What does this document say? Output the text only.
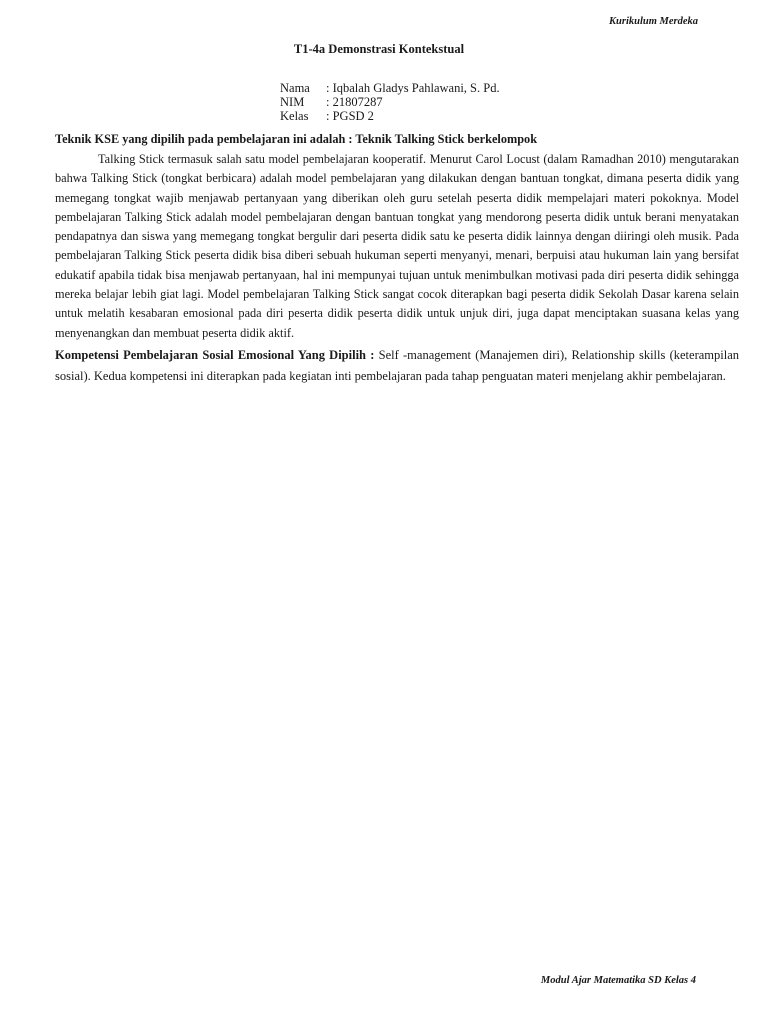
Kurikulum Merdeka
T1-4a Demonstrasi Kontekstual
Nama	: Iqbalah Gladys Pahlawani, S. Pd.
NIM	: 21807287
Kelas	: PGSD 2

Teknik KSE yang dipilih pada pembelajaran ini adalah : Teknik Talking Stick berkelompok

Talking Stick termasuk salah satu model pembelajaran kooperatif. Menurut Carol Locust (dalam Ramadhan 2010) mengutarakan bahwa Talking Stick (tongkat berbicara) adalah model pembelajaran yang dilakukan dengan bantuan tongkat, dimana peserta didik yang memegang tongkat wajib menjawab pertanyaan yang diberikan oleh guru setelah peserta didik mempelajari materi pokoknya. Model pembelajaran Talking Stick adalah model pembelajaran dengan bantuan tongkat yang mendorong peserta didik untuk berani menyatakan pendapatnya dan siswa yang memegang tongkat bergulir dari peserta didik satu ke peserta didik lainnya dengan diiringi oleh musik. Pada pembelajaran Talking Stick peserta didik bisa diberi sebuah hukuman seperti menyanyi, menari, berpuisi atau hukuman lain yang bersifat edukatif apabila tidak bisa menjawab pertanyaan, hal ini mempunyai tujuan untuk menimbulkan motivasi pada diri peserta didik sehingga mereka belajar lebih giat lagi. Model pembelajaran Talking Stick sangat cocok diterapkan bagi peserta didik Sekolah Dasar karena selain untuk melatih kesabaran emosional pada diri peserta didik peserta didik untuk unjuk diri, juga dapat menciptakan suasana kelas yang menyenangkan dan membuat peserta didik aktif.

Kompetensi Pembelajaran Sosial Emosional Yang Dipilih : Self -management (Manajemen diri), Relationship skills (keterampilan sosial). Kedua kompetensi ini diterapkan pada kegiatan inti pembelajaran pada tahap penguatan materi menjelang akhir pembelajaran.

Modul Ajar Matematika SD Kelas 4
